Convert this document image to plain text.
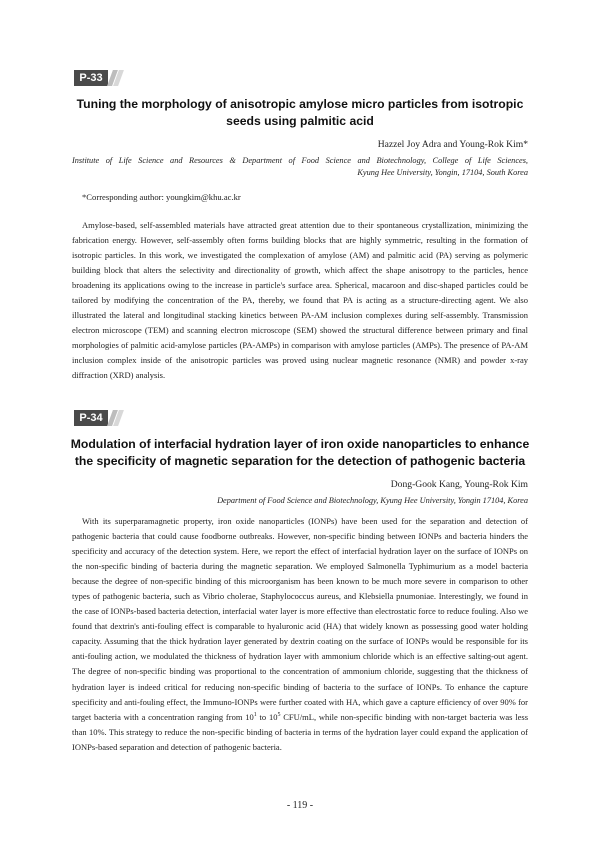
P-33
Tuning the morphology of anisotropic amylose micro particles from isotropic
seeds using palmitic acid
Hazzel Joy Adra and Young-Rok Kim*
Institute of Life Science and Resources & Department of Food Science and Biotechnology, College of Life Sciences,
Kyung Hee University, Yongin, 17104, South Korea
*Corresponding author: youngkim@khu.ac.kr

Amylose-based, self-assembled materials have attracted great attention due to their spontaneous crystallization, minimizing the fabrication energy. However, self-assembly often forms building blocks that are highly symmetric, resulting in the formation of isotropic particles. In this work, we investigated the complexation of amylose (AM) and palmitic acid (PA) serving as polymeric building block that alters the selectivity and directionality of growth, which affect the shape anisotropy to the particles, hence broadening its applications owing to the increase in particle's surface area. Spherical, macaroon and disc-shaped particles could be tailored by modifying the concentration of the PA, thereby, we found that PA is acting as a structure-directing agent. We also illustrated the lateral and longitudinal stacking kinetics between PA-AM inclusion complexes during self-assembly. Transmission electron microscope (TEM) and scanning electron microscope (SEM) showed the structural difference between primary and final morphologies of palmitic acid-amylose particles (PA-AMPs) in comparison with amylose particles (AMPs). The presence of PA-AM inclusion complex inside of the anisotropic particles was proved using nuclear magnetic resonance (NMR) and powder x-ray diffraction (XRD) analysis.

P-34
Modulation of interfacial hydration layer of iron oxide nanoparticles to enhance
the specificity of magnetic separation for the detection of pathogenic bacteria
Dong-Gook Kang, Young-Rok Kim
Department of Food Science and Biotechnology, Kyung Hee University, Yongin 17104, Korea

With its superparamagnetic property, iron oxide nanoparticles (IONPs) have been used for the separation and detection of pathogenic bacteria that could cause foodborne outbreaks. However, non-specific binding between IONPs and bacteria hinders the specificity and accuracy of the detection system. Here, we report the effect of interfacial hydration layer on the surface of IONPs on the non-specific binding of bacteria during the magnetic separation. We employed Salmonella Typhimurium as a model bacteria because the degree of non-specific binding of this microorganism has been known to be much more severe in comparison to other types of pathogenic bacteria, such as Vibrio cholerae, Staphylococcus aureus, and Klebsiella pnumoniae. Interestingly, we found in the case of IONPs-based bacteria detection, interfacial water layer is more effective than electrostatic force to reduce fouling. Also we found that dextrin's anti-fouling effect is comparable to hyaluronic acid (HA) that widely known as possessing good water holding capacity. Assuming that the thick hydration layer generated by dextrin coating on the surface of IONPs would be responsible for its anti-fouling action, we modulated the thickness of hydration layer with ammonium chloride which is an effective salting-out agent. The degree of non-specific binding was proportional to the concentration of ammonium chloride, suggesting that the thickness of hydration layer is indeed critical for reducing non-specific binding of bacteria to the surface of IONPs. To enhance the capture specificity and anti-fouling effect, the Immuno-IONPs were further coated with HA, which gave a capture efficiency of over 90% for target bacteria with a concentration ranging from $10^1$ to $10^5$ CFU/mL, while non-specific binding with non-target bacteria was less than 10%. This strategy to reduce the non-specific binding of bacteria in terms of the hydration layer could expand the application of IONPs-based separation and detection of pathogenic bacteria.

- 119 -
